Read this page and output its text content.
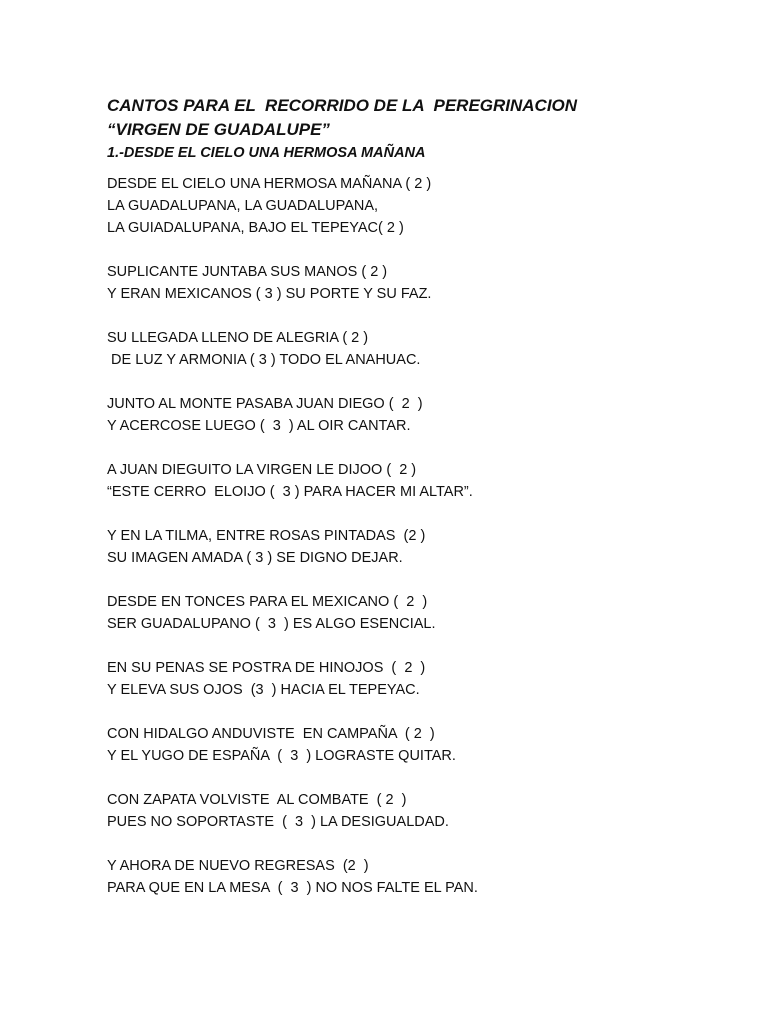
CANTOS PARA EL  RECORRIDO DE LA  PEREGRINACION
“VIRGEN DE GUADALUPE”
1.-DESDE EL CIELO UNA HERMOSA MAÑANA
DESDE EL CIELO UNA HERMOSA MAÑANA ( 2 )
LA GUADALUPANA, LA GUADALUPANA,
LA GUIADALUPANA, BAJO EL TEPEYAC( 2 )
SUPLICANTE JUNTABA SUS MANOS ( 2 )
Y ERAN MEXICANOS ( 3 ) SU PORTE Y SU FAZ.
SU LLEGADA LLENO DE ALEGRIA ( 2 )
DE LUZ Y ARMONIA ( 3 ) TODO EL ANAHUAC.
JUNTO AL MONTE PASABA JUAN DIEGO (  2  )
Y ACERCOSE LUEGO (  3  ) AL OIR CANTAR.
A JUAN DIEGUITO LA VIRGEN LE DIJOO (  2 )
“ESTE CERRO  ELOIJO (  3 ) PARA HACER MI ALTAR”.
Y EN LA TILMA, ENTRE ROSAS PINTADAS  (2 )
SU IMAGEN AMADA ( 3 ) SE DIGNO DEJAR.
DESDE EN TONCES PARA EL MEXICANO (  2  )
SER GUADALUPANO (  3  ) ES ALGO ESENCIAL.
EN SU PENAS SE POSTRA DE HINOJOS  (  2  )
Y ELEVA SUS OJOS  (3  ) HACIA EL TEPEYAC.
CON HIDALGO ANDUVISTE  EN CAMPAÑA  ( 2  )
Y EL YUGO DE ESPAÑA  (  3  ) LOGRASTE QUITAR.
CON ZAPATA VOLVISTE  AL COMBATE  ( 2  )
PUES NO SOPORTASTE  (  3  ) LA DESIGUALDAD.
Y AHORA DE NUEVO REGRESAS  (2  )
PARA QUE EN LA MESA  (  3  ) NO NOS FALTE EL PAN.
